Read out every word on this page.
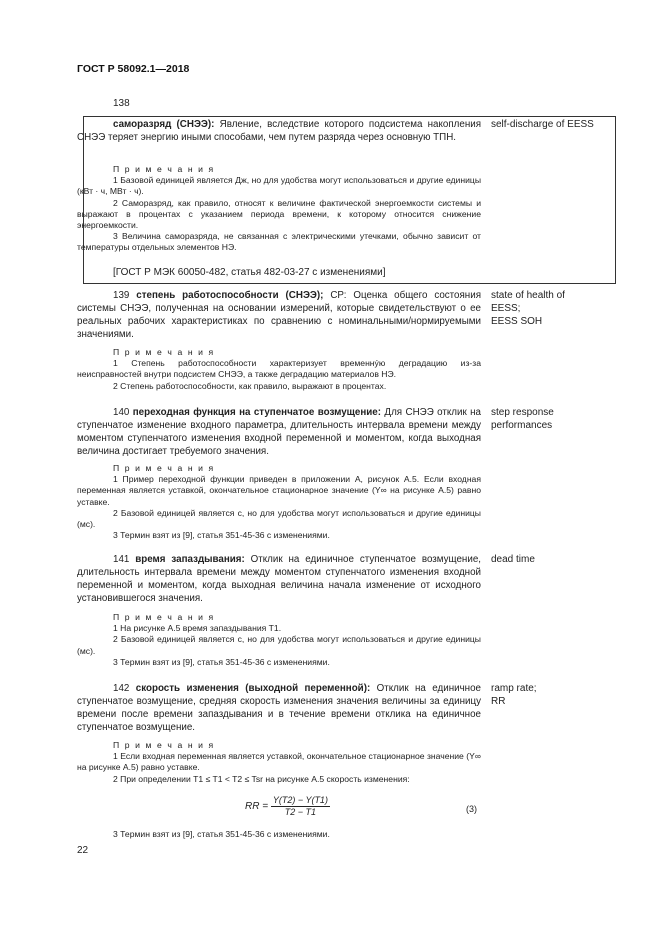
ГОСТ Р 58092.1—2018
138

саморазряд (СНЭЭ): Явление, вследствие которого подсистема накопления СНЭЭ теряет энергию иными способами, чем путем разряда через основную ТПН.

self-discharge of EESS

П р и м е ч а н и я

1 Базовой единицей является Дж, но для удобства могут использоваться и другие единицы (кВт · ч, МВт · ч).

2 Саморазряд, как правило, относят к величине фактической энергоемкости системы и выражают в процентах с указанием периода времени, к которому относится снижение энергоемкости.

3 Величина саморазряда, не связанная с электрическими утечками, обычно зависит от температуры отдельных элементов НЭ.

[ГОСТ Р МЭК 60050-482, статья 482-03-27 с изменениями]

139 степень работоспособности (СНЭЭ); СР: Оценка общего состояния системы СНЭЭ, полученная на основании измерений, которые свидетельствуют о ее реальных рабочих характеристиках по сравнению с номинальными/нормируемыми значениями.

state of health of
EESS;
EESS SOH

П р и м е ч а н и я

1 Степень работоспособности характеризует временнýю деградацию из-за неисправностей внутри подсистем СНЭЭ, а также деградацию материалов НЭ.

2 Степень работоспособности, как правило, выражают в процентах.

140 переходная функция на ступенчатое возмущение: Для СНЭЭ отклик на ступенчатое изменение входного параметра, длительность интервала времени между моментом ступенчатого изменения входной переменной и моментом, когда выходная величина достигает требуемого значения.

step response
performances

П р и м е ч а н и я

1 Пример переходной функции приведен в приложении А, рисунок А.5. Если входная переменная является уставкой, окончательное стационарное значение (Y∞ на рисунке А.5) равно уставке.

2 Базовой единицей является с, но для удобства могут использоваться и другие единицы (мс).

3 Термин взят из [9], статья 351-45-36 с изменениями.

141 время запаздывания: Отклик на единичное ступенчатое возмущение, длительность интервала времени между моментом ступенчатого изменения входной переменной и моментом, когда выходная величина начала изменение от исходного установившегося значения.

dead time

П р и м е ч а н и я

1 На рисунке А.5 время запаздывания T1.

2 Базовой единицей является с, но для удобства могут использоваться и другие единицы (мс).

3 Термин взят из [9], статья 351-45-36 с изменениями.

142 скорость изменения (выходной переменной): Отклик на единичное ступенчатое возмущение, средняя скорость изменения значения величины за единицу времени после времени запаздывания и в течение времени отклика на единичное ступенчатое возмущение.

ramp rate;
RR

П р и м е ч а н и я

1 Если входная переменная является уставкой, окончательное стационарное значение (Y∞ на рисунке А.5) равно уставке.

2 При определении T1 ≤ T1 < T2 ≤ Tsr на рисунке А.5 скорость изменения:

RR = $\frac{Y(T2) - Y(T1)}{T2 - T1}$	(3)

3 Термин взят из [9], статья 351-45-36 с изменениями.

22
